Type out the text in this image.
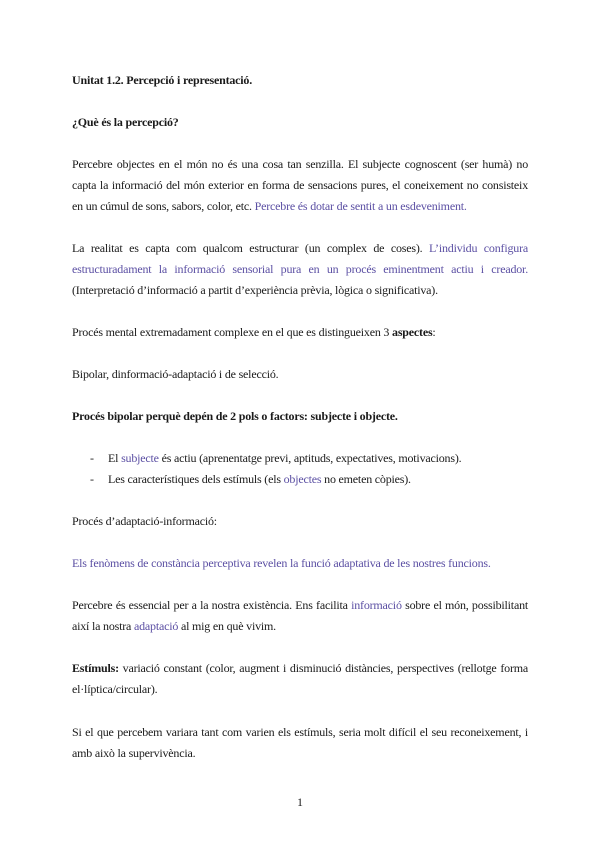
Unitat 1.2. Percepció i representació.

¿Què és la percepció?

Percebre objectes en el món no és una cosa tan senzilla. El subjecte cognoscent (ser humà) no capta la informació del món exterior en forma de sensacions pures, el coneixement no consisteix en un cúmul de sons, sabors, color, etc. Percebre és dotar de sentit a un esdeveniment.

La realitat es capta com qualcom estructurar (un complex de coses). L’individu configura estructuradament la informació sensorial pura en un procés eminentment actiu i creador. (Interpretació d’informació a partit d’experiència prèvia, lògica o significativa).

Procés mental extremadament complexe en el que es distingueixen 3 aspectes:

Bipolar, dinformació-adaptació i de selecció.

Procés bipolar perquè depén de 2 pols o factors: subjecte i objecte.

- El subjecte és actiu (aprenentatge previ, aptituds, expectatives, motivacions).
- Les característiques dels estímuls (els objectes no emeten còpies).

Procés d’adaptació-informació:

Els fenòmens de constància perceptiva revelen la funció adaptativa de les nostres funcions.

Percebre és essencial per a la nostra existència. Ens facilita informació sobre el món, possibilitant així la nostra adaptació al mig en què vivim.

Estímuls: variació constant (color, augment i disminució distàncies, perspectives (rellotge forma el·líptica/circular).

Si el que percebem variara tant com varien els estímuls, seria molt difícil el seu reconeixement, i amb això la supervivència.

1
